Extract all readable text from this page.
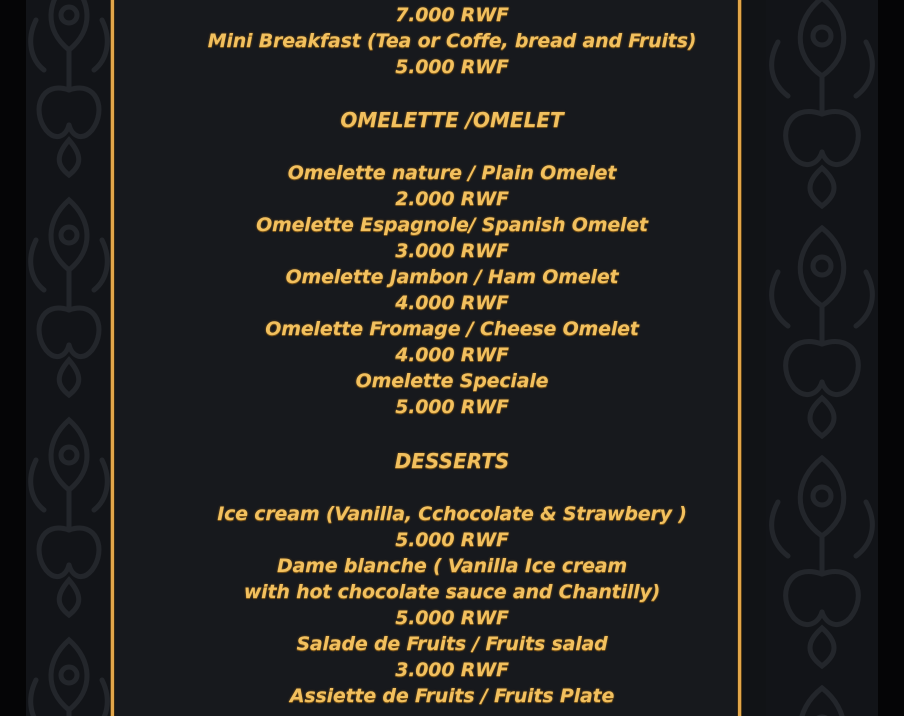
7.000 RWF
Mini Breakfast (Tea or Coffe, bread and Fruits)
5.000 RWF
OMELETTE /OMELET
Omelette nature / Plain Omelet
2.000 RWF
Omelette Espagnole/ Spanish Omelet
3.000 RWF
Omelette Jambon / Ham Omelet
4.000 RWF
Omelette Fromage / Cheese Omelet
4.000 RWF
Omelette Speciale
5.000 RWF
DESSERTS
Ice cream (Vanilla, Cchocolate & Strawbery )
5.000 RWF
Dame blanche ( Vanilla Ice cream
with hot chocolate sauce and Chantilly)
5.000 RWF
Salade de Fruits / Fruits salad
3.000 RWF
Assiette de Fruits / Fruits Plate
